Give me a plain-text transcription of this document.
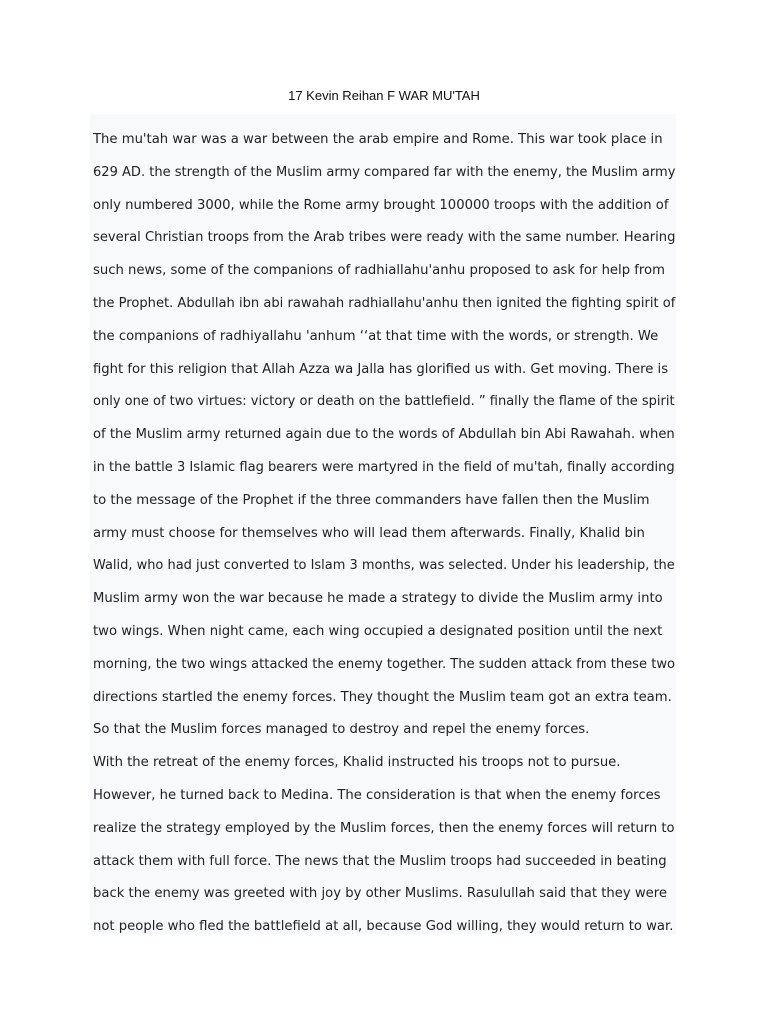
17 Kevin Reihan F WAR MU'TAH
The mu'tah war was a war between the arab empire and Rome. This war took place in
629 AD. the strength of the Muslim army compared far with the enemy, the Muslim army
only numbered 3000, while the Rome army brought 100000 troops with the addition of
several Christian troops from the Arab tribes were ready with the same number. Hearing
such news, some of the companions of radhiallahu'anhu proposed to ask for help from
the Prophet. Abdullah ibn abi rawahah radhiallahu'anhu then ignited the fighting spirit of
the companions of radhiyallahu 'anhum ‘‘at that time with the words, or strength. We
fight for this religion that Allah Azza wa Jalla has glorified us with. Get moving. There is
only one of two virtues: victory or death on the battlefield. ” finally the flame of the spirit
of the Muslim army returned again due to the words of Abdullah bin Abi Rawahah. when
in the battle 3 Islamic flag bearers were martyred in the field of mu'tah, finally according
to the message of the Prophet if the three commanders have fallen then the Muslim
army must choose for themselves who will lead them afterwards. Finally, Khalid bin
Walid, who had just converted to Islam 3 months, was selected. Under his leadership, the
Muslim army won the war because he made a strategy to divide the Muslim army into
two wings. When night came, each wing occupied a designated position until the next
morning, the two wings attacked the enemy together. The sudden attack from these two
directions startled the enemy forces. They thought the Muslim team got an extra team.
So that the Muslim forces managed to destroy and repel the enemy forces.
With the retreat of the enemy forces, Khalid instructed his troops not to pursue.
However, he turned back to Medina. The consideration is that when the enemy forces
realize the strategy employed by the Muslim forces, then the enemy forces will return to
attack them with full force. The news that the Muslim troops had succeeded in beating
back the enemy was greeted with joy by other Muslims. Rasulullah said that they were
not people who fled the battlefield at all, because God willing, they would return to war.
